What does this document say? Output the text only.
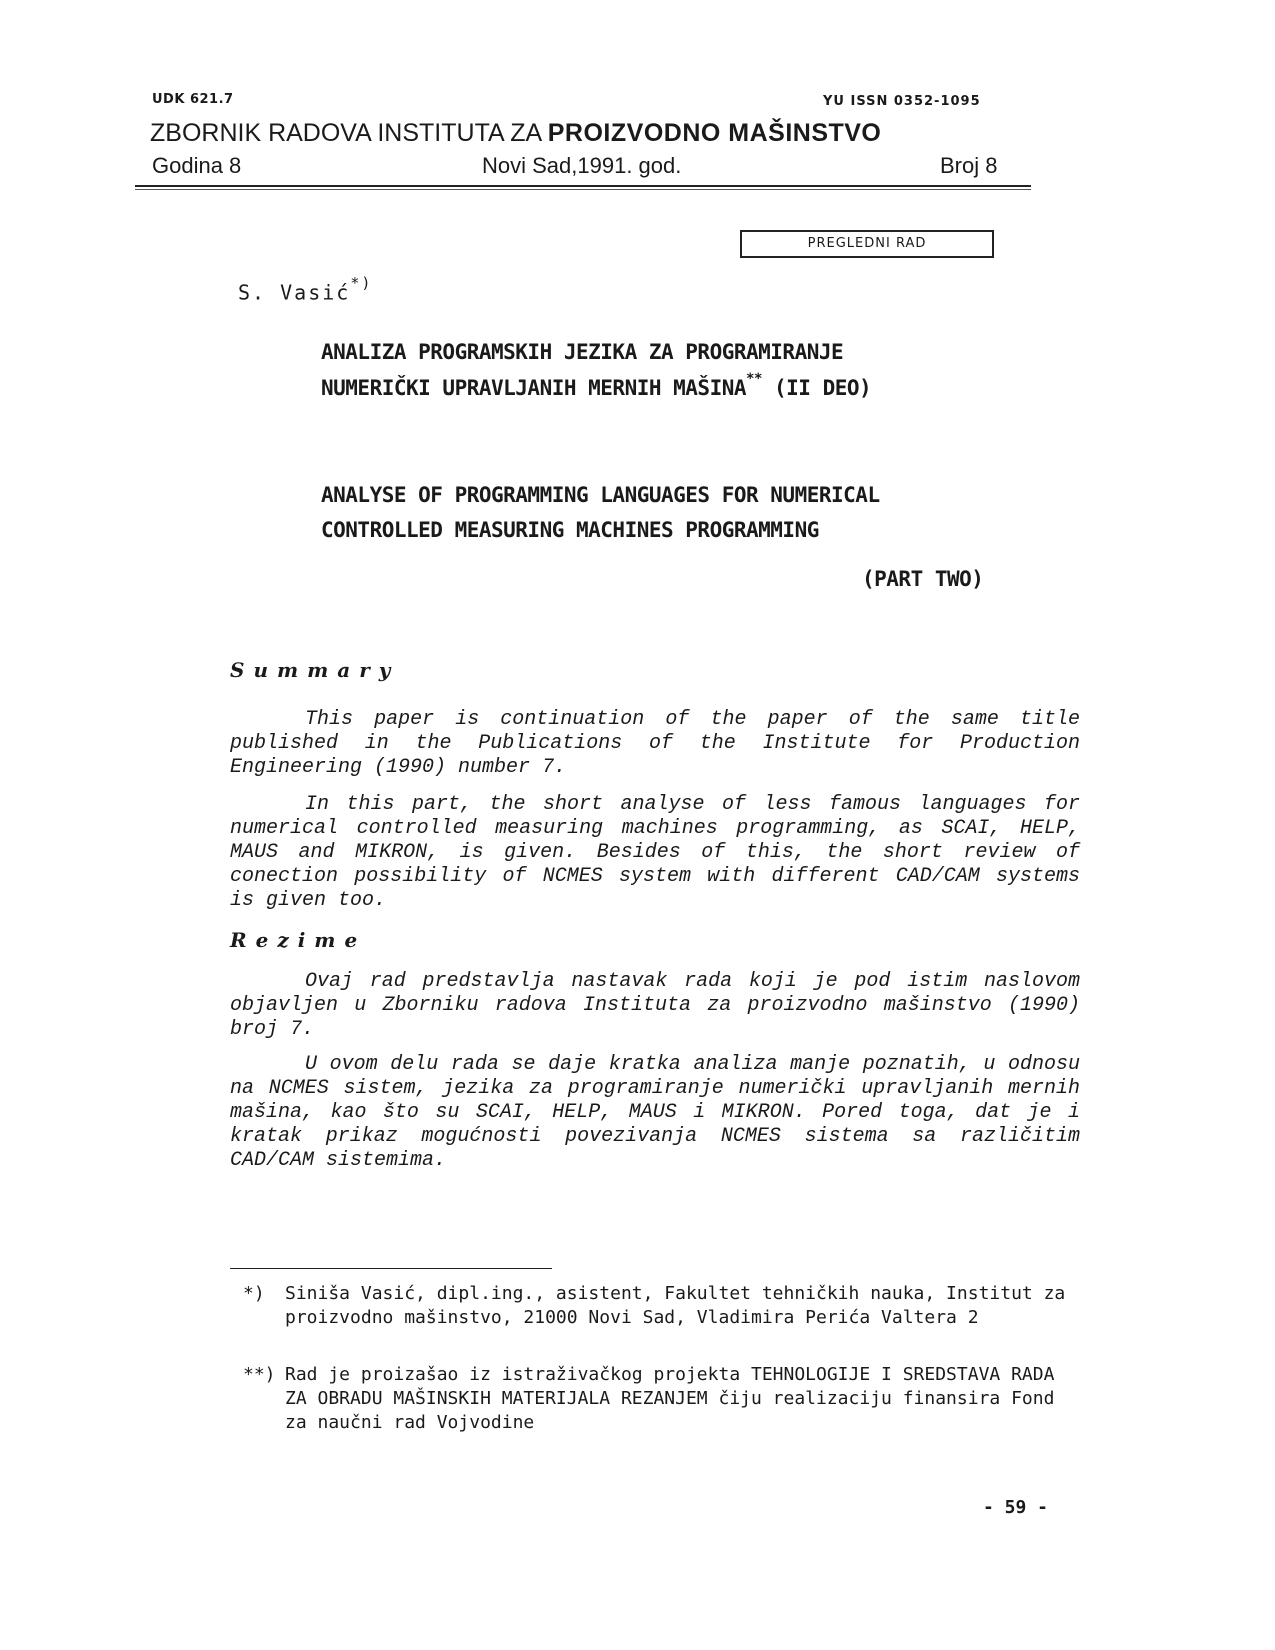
UDK 621.7	YU ISSN 0352-1095
ZBORNIK RADOVA INSTITUTA ZA PROIZVODNO MAŠINSTVO
Godina 8	Novi Sad,1991. god.	Broj 8
PREGLEDNI RAD
S. Vasić*)
ANALIZA PROGRAMSKIH JEZIKA ZA PROGRAMIRANJE
NUMERIČKI UPRAVLJANIH MERNIH MAŠINA** (II DEO)
ANALYSE OF PROGRAMMING LANGUAGES FOR NUMERICAL
CONTROLLED MEASURING MACHINES PROGRAMMING
(PART TWO)
Summary

This paper is continuation of the paper of the same title published in the Publications of the Institute for Production Engineering (1990) number 7.

In this part, the short analyse of less famous languages for numerical controlled measuring machines programming, as SCAI, HELP, MAUS and MIKRON, is given. Besides of this, the short review of conection possibility of NCMES system with different CAD/CAM systems is given too.

Rezime

Ovaj rad predstavlja nastavak rada koji je pod istim naslovom objavljen u Zborniku radova Instituta za proizvodno mašinstvo (1990) broj 7.

U ovom delu rada se daje kratka analiza manje poznatih, u odnosu na NCMES sistem, jezika za programiranje numerički upravljanih mernih mašina, kao što su SCAI, HELP, MAUS i MIKRON. Pored toga, dat je i kratak prikaz mogućnosti povezivanja NCMES sistema sa različitim CAD/CAM sistemima.

*) Siniša Vasić, dipl.ing., asistent, Fakultet tehničkih nauka, Institut za proizvodno mašinstvo, 21000 Novi Sad, Vladimira Perića Valtera 2
**) Rad je proizašao iz istraživačkog projekta TEHNOLOGIJE I SREDSTAVA RADA ZA OBRADU MAŠINSKIH MATERIJALA REZANJEM čiju realizaciju finansira Fond za naučni rad Vojvodine
- 59 -
